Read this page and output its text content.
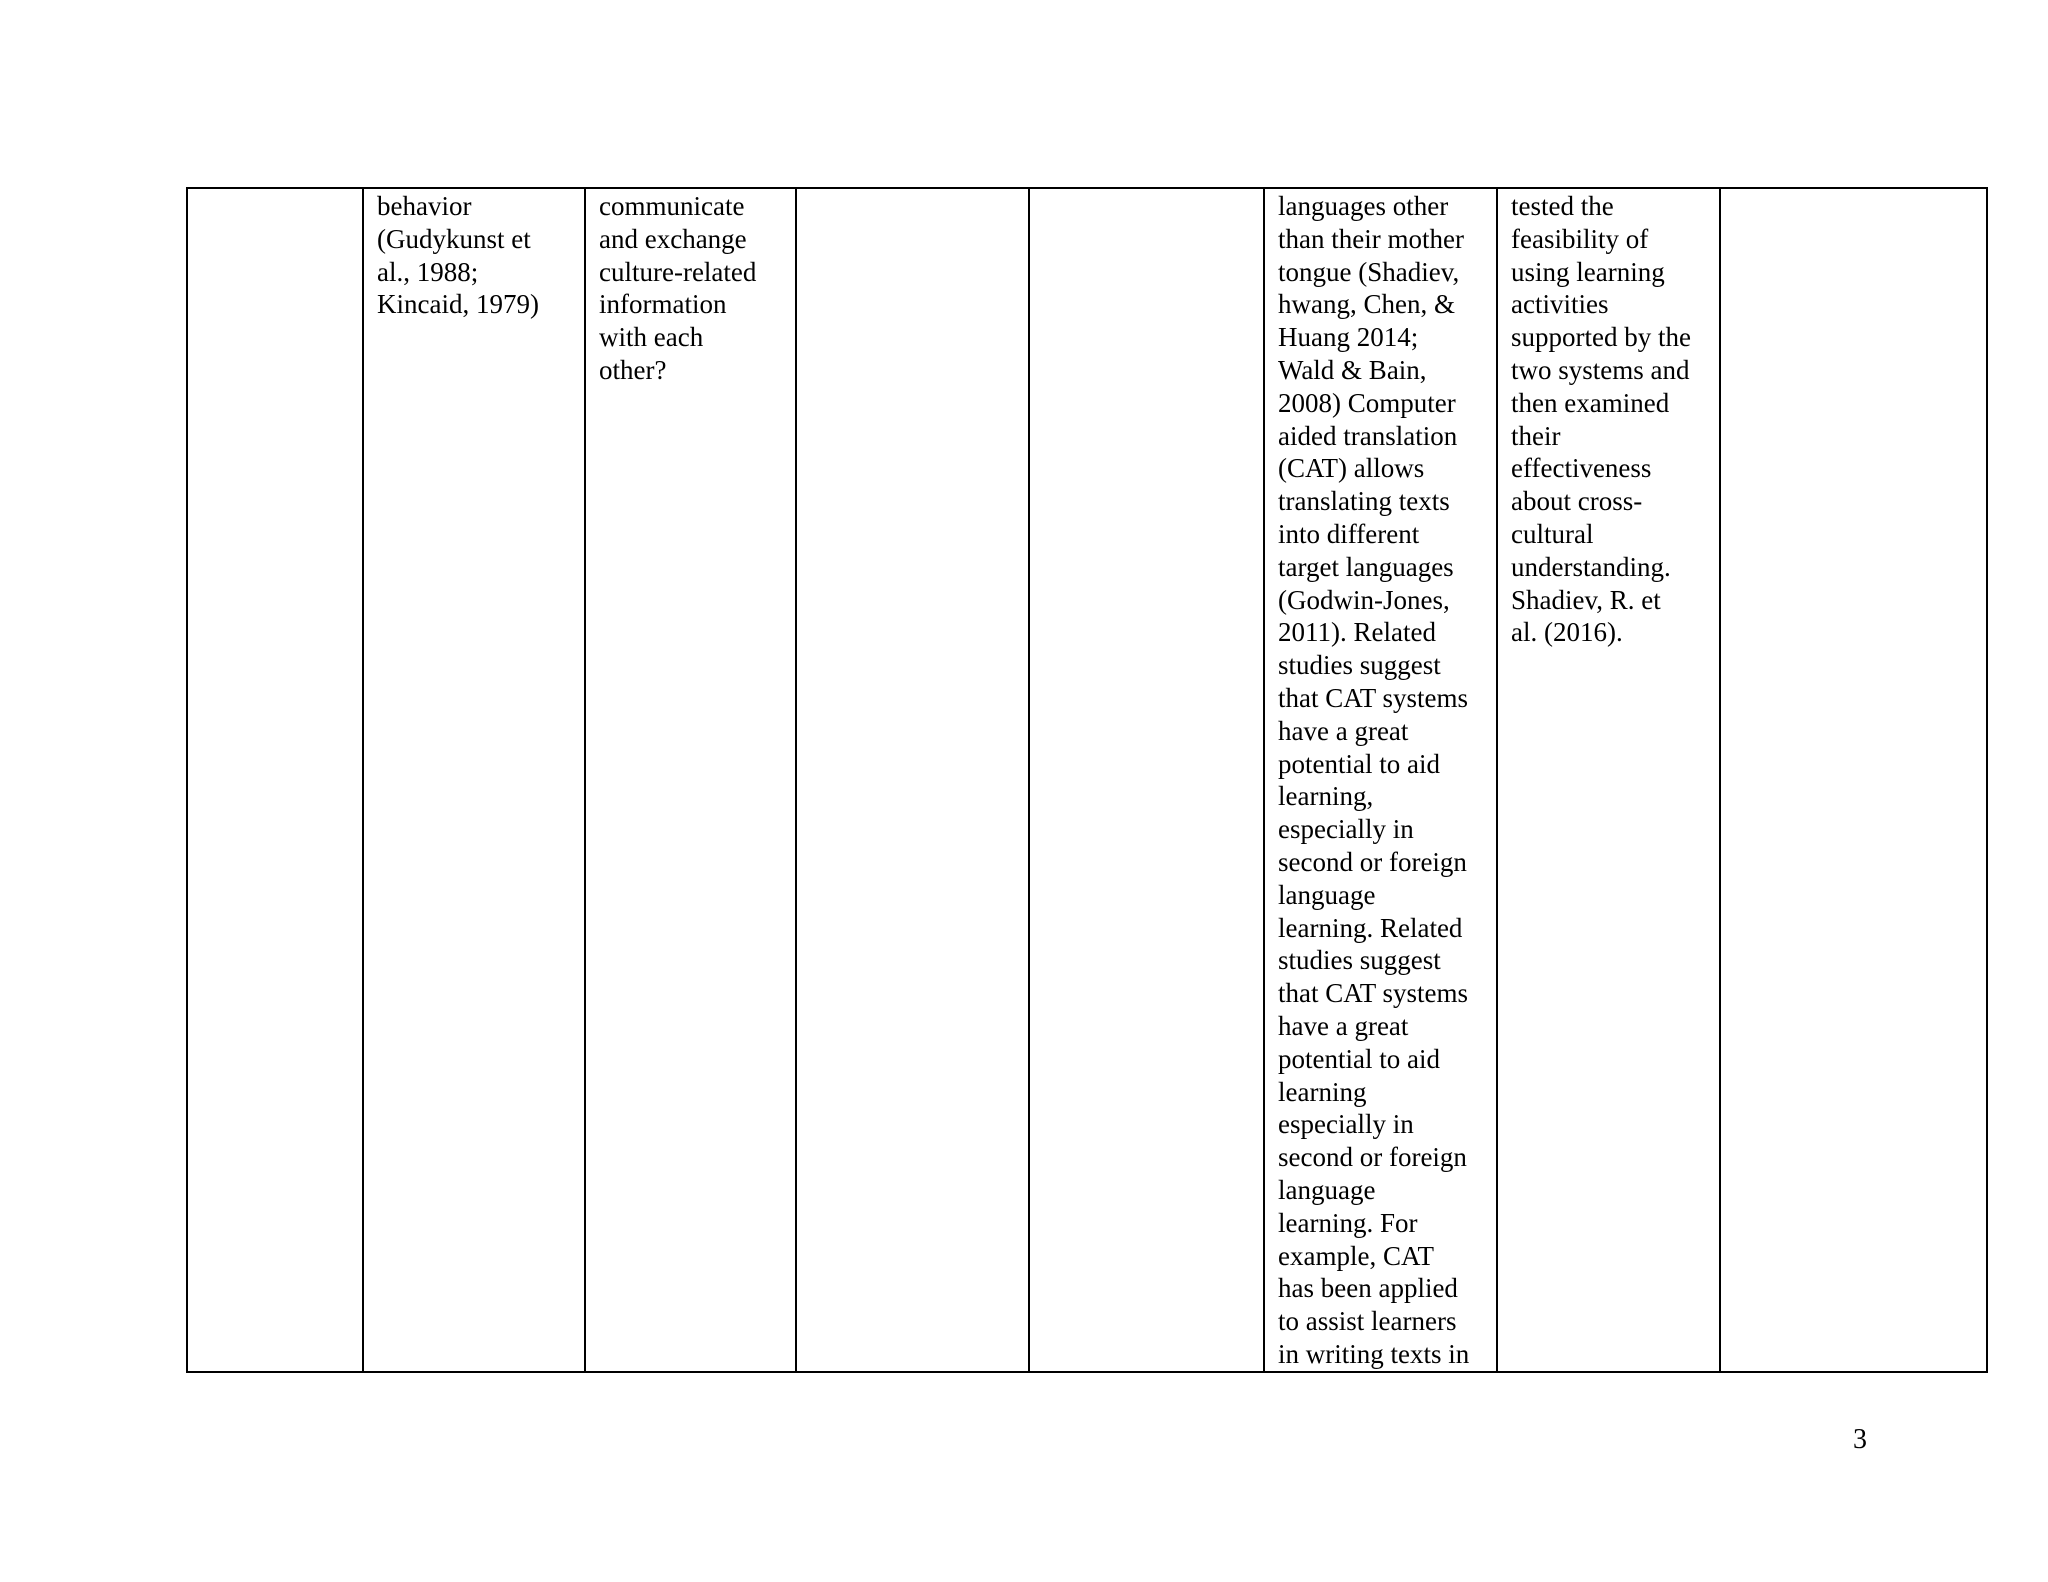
	behavior
(Gudykunst et
al., 1988;
Kincaid, 1979)	communicate
and exchange
culture-related
information
with each
other?			languages other
than their mother
tongue (Shadiev,
hwang, Chen, &
Huang 2014;
Wald & Bain,
2008) Computer
aided translation
(CAT) allows
translating texts
into different
target languages
(Godwin-Jones,
2011). Related
studies suggest
that CAT systems
have a great
potential to aid
learning,
especially in
second or foreign
language
learning. Related
studies suggest
that CAT systems
have a great
potential to aid
learning
especially in
second or foreign
language
learning. For
example, CAT
has been applied
to assist learners
in writing texts in	tested the
feasibility of
using learning
activities
supported by the
two systems and
then examined
their
effectiveness
about cross-
cultural
understanding.
Shadiev, R. et
al. (2016).	
3
